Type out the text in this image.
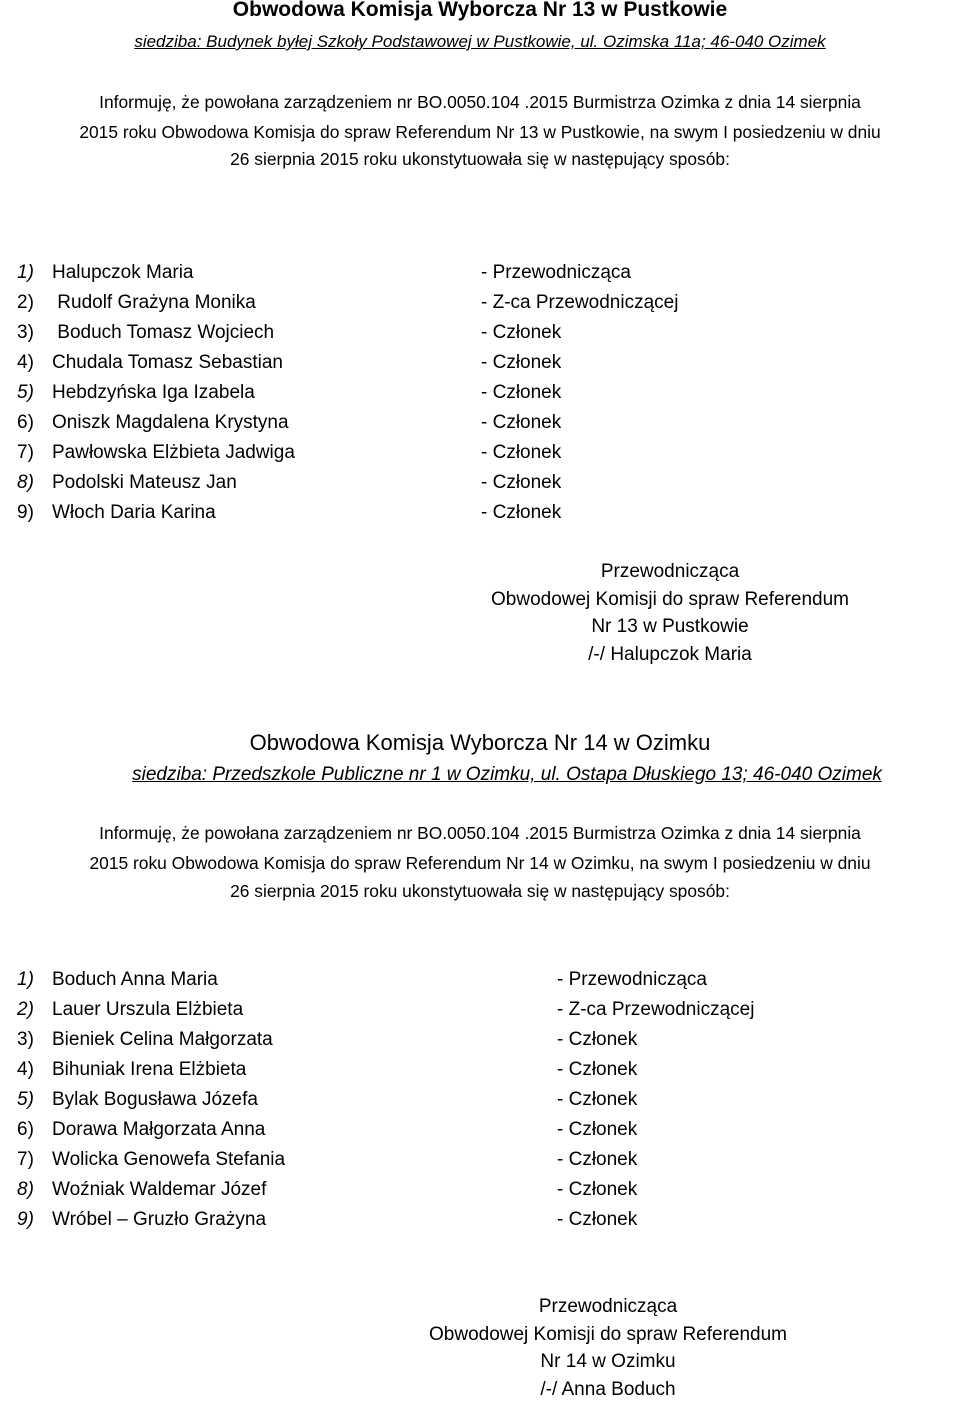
Obwodowa Komisja Wyborcza Nr 13 w Pustkowie
siedziba: Budynek byłej Szkoły Podstawowej w Pustkowie, ul. Ozimska 11a; 46-040 Ozimek
Informuję, że powołana zarządzeniem nr BO.0050.104 .2015 Burmistrza Ozimka z dnia 14 sierpnia
2015 roku Obwodowa Komisja do spraw Referendum Nr 13 w Pustkowie, na swym I posiedzeniu w dniu
26 sierpnia 2015 roku ukonstytuowała się w następujący sposób:
1) Halupczok Maria	- Przewodnicząca
2) Rudolf Grażyna Monika	- Z-ca Przewodniczącej
3) Boduch Tomasz Wojciech	- Członek
4) Chudala Tomasz Sebastian	- Członek
5) Hebdzyńska Iga Izabela	- Członek
6) Oniszk Magdalena Krystyna	- Członek
7) Pawłowska Elżbieta Jadwiga	- Członek
8) Podolski Mateusz Jan	- Członek
9) Włoch Daria Karina	- Członek
Przewodnicząca
Obwodowej Komisji do spraw Referendum
Nr 13 w Pustkowie
/-/ Halupczok Maria
Obwodowa Komisja Wyborcza Nr 14 w Ozimku
siedziba: Przedszkole Publiczne nr 1 w Ozimku, ul. Ostapa Dłuskiego 13; 46-040 Ozimek
Informuję, że powołana zarządzeniem nr BO.0050.104 .2015 Burmistrza Ozimka z dnia 14 sierpnia
2015 roku Obwodowa Komisja do spraw Referendum Nr 14 w Ozimku, na swym I posiedzeniu w dniu
26 sierpnia 2015 roku ukonstytuowała się w następujący sposób:
1) Boduch Anna Maria	- Przewodnicząca
2) Lauer Urszula Elżbieta	- Z-ca Przewodniczącej
3) Bieniek Celina Małgorzata	- Członek
4) Bihuniak Irena Elżbieta	- Członek
5) Bylak Bogusława Józefa	- Członek
6) Dorawa Małgorzata Anna	- Członek
7) Wolicka Genowefa Stefania	- Członek
8) Woźniak Waldemar Józef	- Członek
9) Wróbel – Gruzło Grażyna	- Członek
Przewodnicząca
Obwodowej Komisji do spraw Referendum
Nr 14 w Ozimku
/-/ Anna Boduch
